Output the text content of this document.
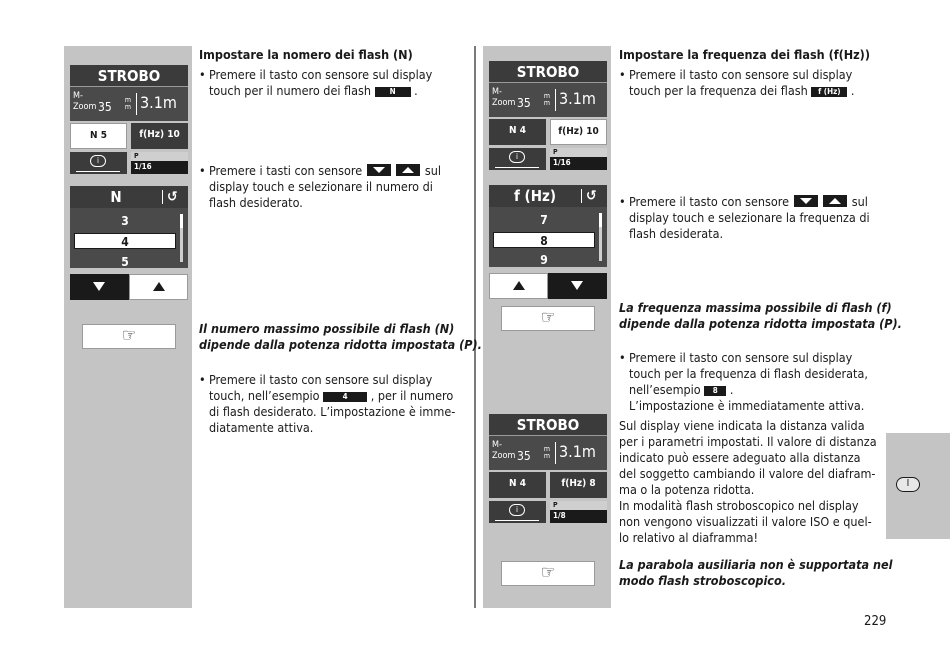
I
STROBO
M-
Zoom 35 m m 3.1m
N 5	f(Hz) 10
i	P
1/16
N	↺
3
4
5
☞
Impostare la nomero dei flash (N)
• Premere il tasto con sensore sul display
touch per il numero dei flash N .
• Premere i tasti con sensore	sul
display touch e selezionare il numero di
flash desiderato.
Il numero massimo possibile di flash (N)
dipende dalla potenza ridotta impostata (P).
• Premere il tasto con sensore sul display
touch, nell’esempio	4 , per il numero
di flash desiderato. L’impostazione è imme-
diatamente attiva.
STROBO
M-
Zoom 35 m m 3.1m
N 4	f(Hz) 10
i	P
1/16
f (Hz)	↺
7
8
9
☞
STROBO
M-
Zoom 35 m m 3.1m
N 4	f(Hz) 8
i	P
1/8
☞
Impostare la frequenza dei flash (f(Hz))
• Premere il tasto con sensore sul display
touch per la frequenza dei flash f (Hz) .
• Premere il tasto con sensore	sul
display touch e selezionare la frequenza di
flash desiderata.
La frequenza massima possibile di flash (f)
dipende dalla potenza ridotta impostata (P).
• Premere il tasto con sensore sul display
touch per la frequenza di flash desiderata,
nell’esempio 8 .
L’impostazione è immediatamente attiva.
Sul display viene indicata la distanza valida
per i parametri impostati. Il valore di distanza
indicato può essere adeguato alla distanza
del soggetto cambiando il valore del diafram-
ma o la potenza ridotta.
In modalità flash stroboscopico nel display
non vengono visualizzati il valore ISO e quel-
lo relativo al diaframma!
La parabola ausiliaria non è supportata nel
modo flash stroboscopico.
229
